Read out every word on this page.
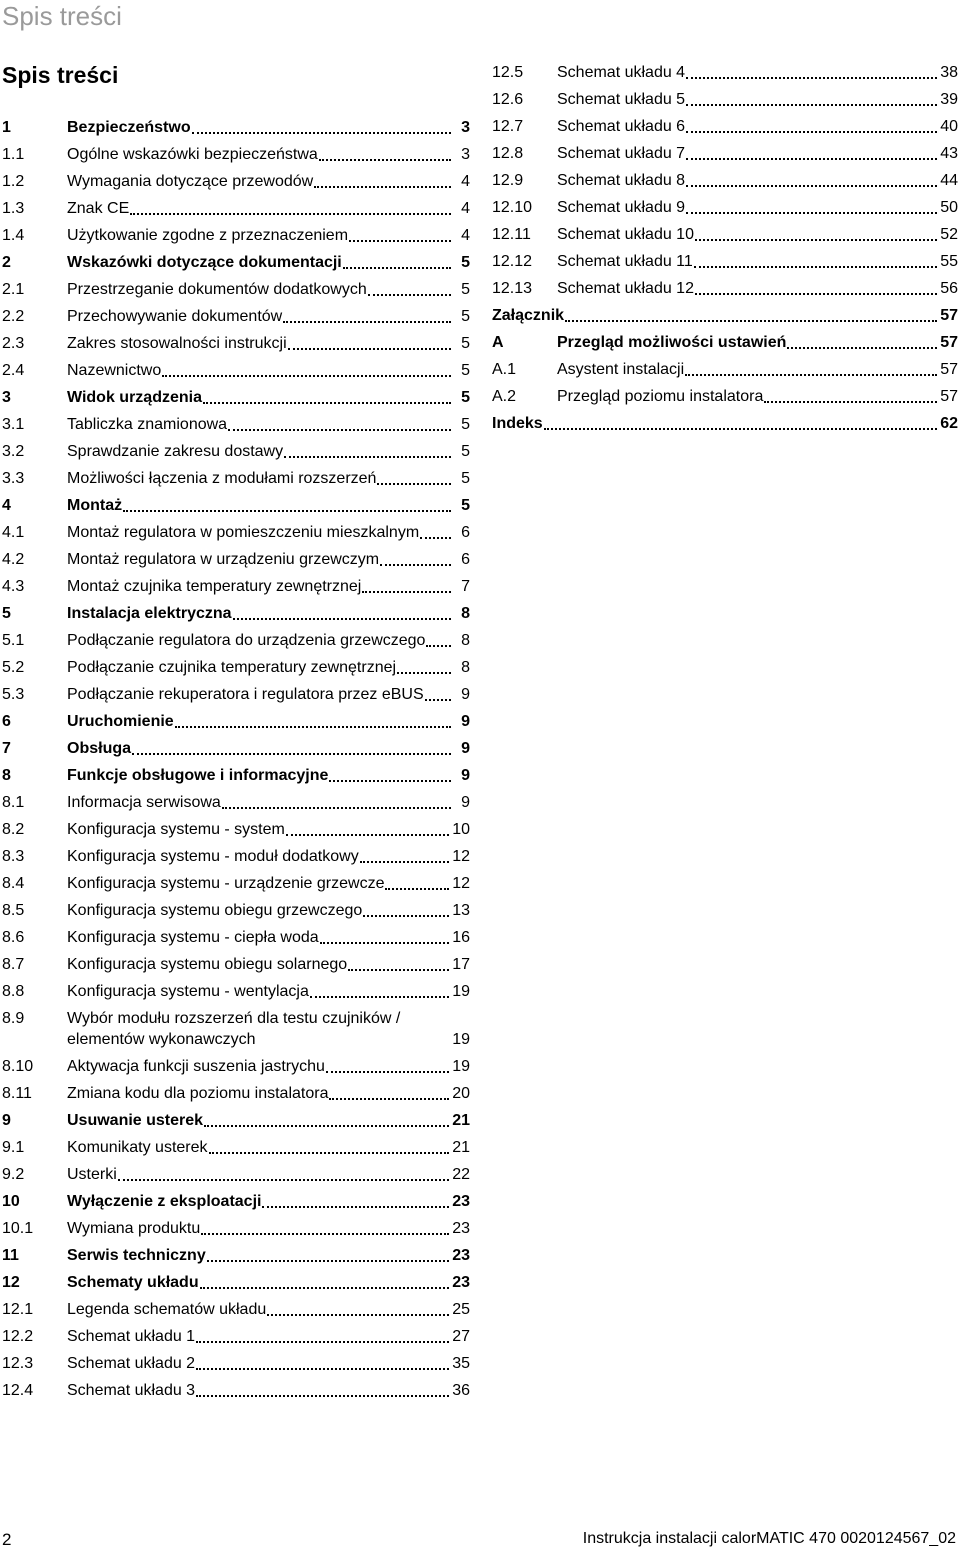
Spis treści
Spis treści
1	Bezpieczeństwo	3
1.1	Ogólne wskazówki bezpieczeństwa	3
1.2	Wymagania dotyczące przewodów	4
1.3	Znak CE	4
1.4	Użytkowanie zgodne z przeznaczeniem	4
2	Wskazówki dotyczące dokumentacji	5
2.1	Przestrzeganie dokumentów dodatkowych	5
2.2	Przechowywanie dokumentów	5
2.3	Zakres stosowalności instrukcji	5
2.4	Nazewnictwo	5
3	Widok urządzenia	5
3.1	Tabliczka znamionowa	5
3.2	Sprawdzanie zakresu dostawy	5
3.3	Możliwości łączenia z modułami rozszerzeń	5
4	Montaż	5
4.1	Montaż regulatora w pomieszczeniu mieszkalnym	6
4.2	Montaż regulatora w urządzeniu grzewczym	6
4.3	Montaż czujnika temperatury zewnętrznej	7
5	Instalacja elektryczna	8
5.1	Podłączanie regulatora do urządzenia grzewczego	8
5.2	Podłączanie czujnika temperatury zewnętrznej	8
5.3	Podłączanie rekuperatora i regulatora przez eBUS	9
6	Uruchomienie	9
7	Obsługa	9
8	Funkcje obsługowe i informacyjne	9
8.1	Informacja serwisowa	9
8.2	Konfiguracja systemu - system	10
8.3	Konfiguracja systemu - moduł dodatkowy	12
8.4	Konfiguracja systemu - urządzenie grzewcze	12
8.5	Konfiguracja systemu obiegu grzewczego	13
8.6	Konfiguracja systemu - ciepła woda	16
8.7	Konfiguracja systemu obiegu solarnego	17
8.8	Konfiguracja systemu - wentylacja	19
8.9	Wybór modułu rozszerzeń dla testu czujników / elementów wykonawczych	19
8.10	Aktywacja funkcji suszenia jastrychu	19
8.11	Zmiana kodu dla poziomu instalatora	20
9	Usuwanie usterek	21
9.1	Komunikaty usterek	21
9.2	Usterki	22
10	Wyłączenie z eksploatacji	23
10.1	Wymiana produktu	23
11	Serwis techniczny	23
12	Schematy układu	23
12.1	Legenda schematów układu	25
12.2	Schemat układu 1	27
12.3	Schemat układu 2	35
12.4	Schemat układu 3	36
12.5	Schemat układu 4	38
12.6	Schemat układu 5	39
12.7	Schemat układu 6	40
12.8	Schemat układu 7	43
12.9	Schemat układu 8	44
12.10	Schemat układu 9	50
12.11	Schemat układu 10	52
12.12	Schemat układu 11	55
12.13	Schemat układu 12	56
Załącznik	57
A	Przegląd możliwości ustawień	57
A.1	Asystent instalacji	57
A.2	Przegląd poziomu instalatora	57
Indeks	62
2	Instrukcja instalacji calorMATIC 470 0020124567_02
